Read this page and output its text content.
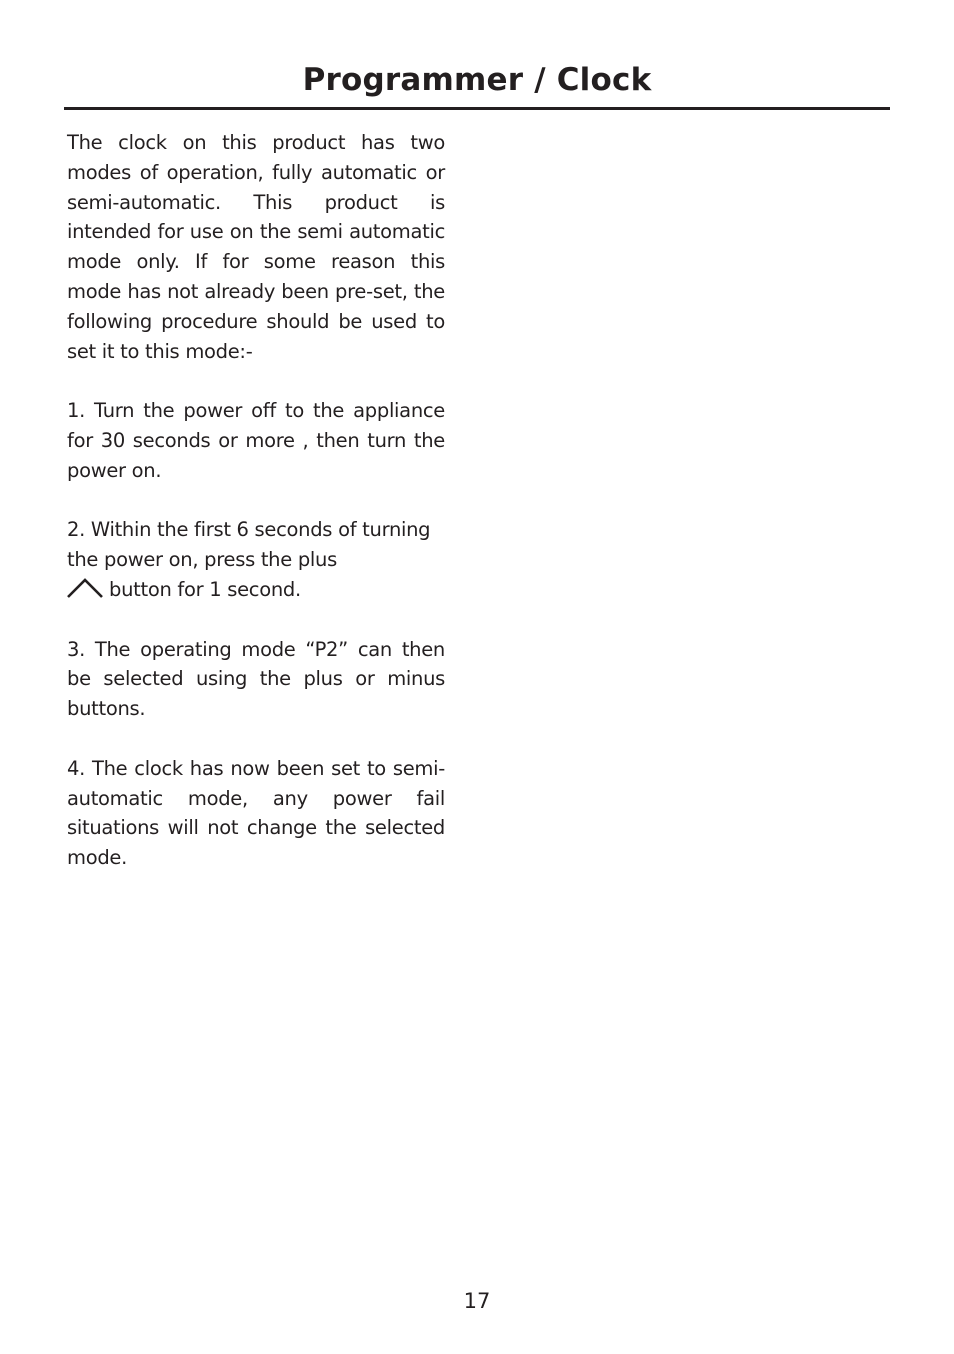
Programmer / Clock

The clock on this product has two modes of operation, fully automatic or semi-automatic. This product is intended for use on the semi automatic mode only. If for some reason this mode has not already been pre-set, the following procedure should be used to set it to this mode:-

1. Turn the power off to the appliance for 30 seconds or more , then turn the power on.

2. Within the first 6 seconds of turning the power on, press the plus

button for 1 second.

3. The operating mode “P2” can then be selected using the plus or minus buttons.

4. The clock has now been set to semi-automatic mode, any power fail situations will not change the selected mode.

17
